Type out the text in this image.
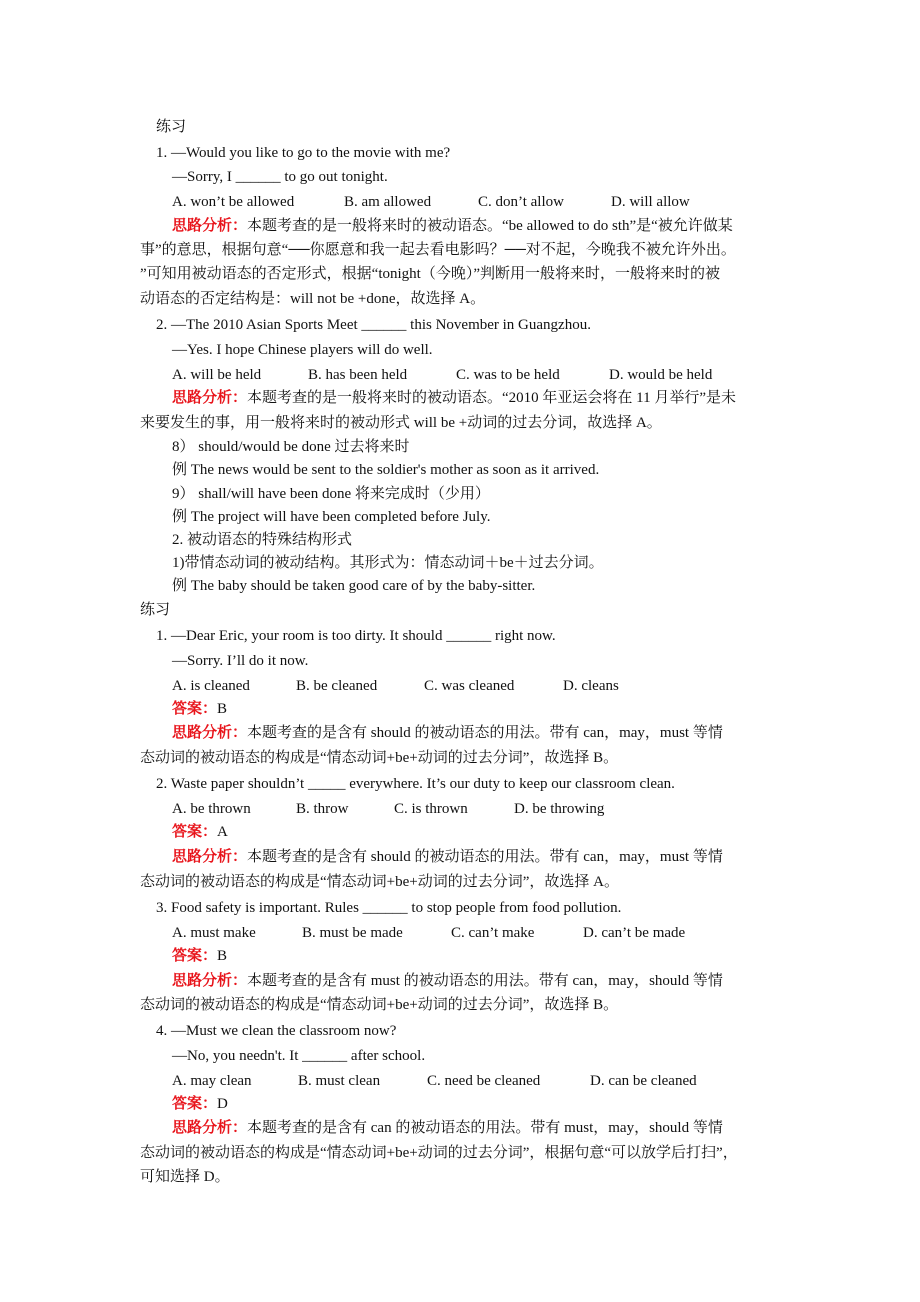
练习
1. —Would you like to go to the movie with me?
—Sorry, I ______ to go out tonight.
A. won’t be allowed	B. am allowed	C. don’t allow	D. will allow
思路分析：本题考查的是一般将来时的被动语态。“be allowed to do sth”是“被允许做某
事”的意思，根据句意“──你愿意和我一起去看电影吗？──对不起，今晚我不被允许外出。
”可知用被动语态的否定形式，根据“tonight（今晚）”判断用一般将来时，一般将来时的被
动语态的否定结构是：will not be +done，故选择 A。
2. —The 2010 Asian Sports Meet ______ this November in Guangzhou.
—Yes. I hope Chinese players will do well.
A. will be held	B. has been held	C. was to be held	D. would be held
思路分析：本题考查的是一般将来时的被动语态。“2010 年亚运会将在 11 月举行”是未
来要发生的事，用一般将来时的被动形式 will be +动词的过去分词，故选择 A。
8） should/would be done 过去将来时
例 The news would be sent to the soldier's mother as soon as it arrived.
9） shall/will have been done 将来完成时（少用）
例 The project will have been completed before July.
2. 被动语态的特殊结构形式
1)带情态动词的被动结构。其形式为：情态动词＋be＋过去分词。
例 The baby should be taken good care of by the baby-sitter.
练习
1. —Dear Eric, your room is too dirty. It should ______ right now.
—Sorry. I’ll do it now.
A. is cleaned	B. be cleaned	C. was cleaned	D. cleans
答案：B
思路分析：本题考查的是含有 should 的被动语态的用法。带有 can，may，must 等情
态动词的被动语态的构成是“情态动词+be+动词的过去分词”，故选择 B。
2. Waste paper shouldn’t _____ everywhere. It’s our duty to keep our classroom clean.
A. be thrown	B. throw	C. is thrown	D. be throwing
答案：A
思路分析：本题考查的是含有 should 的被动语态的用法。带有 can，may，must 等情
态动词的被动语态的构成是“情态动词+be+动词的过去分词”，故选择 A。
3. Food safety is important. Rules ______ to stop people from food pollution.
A. must make	B. must be made	C. can’t make	D. can’t be made
答案：B
思路分析：本题考查的是含有 must 的被动语态的用法。带有 can，may，should 等情
态动词的被动语态的构成是“情态动词+be+动词的过去分词”，故选择 B。
4. —Must we clean the classroom now?
—No, you needn't. It ______ after school.
A. may clean	B. must clean	C. need be cleaned	D. can be cleaned
答案：D
思路分析：本题考查的是含有 can 的被动语态的用法。带有 must，may，should 等情
态动词的被动语态的构成是“情态动词+be+动词的过去分词”，根据句意“可以放学后打扫”，
可知选择 D。
